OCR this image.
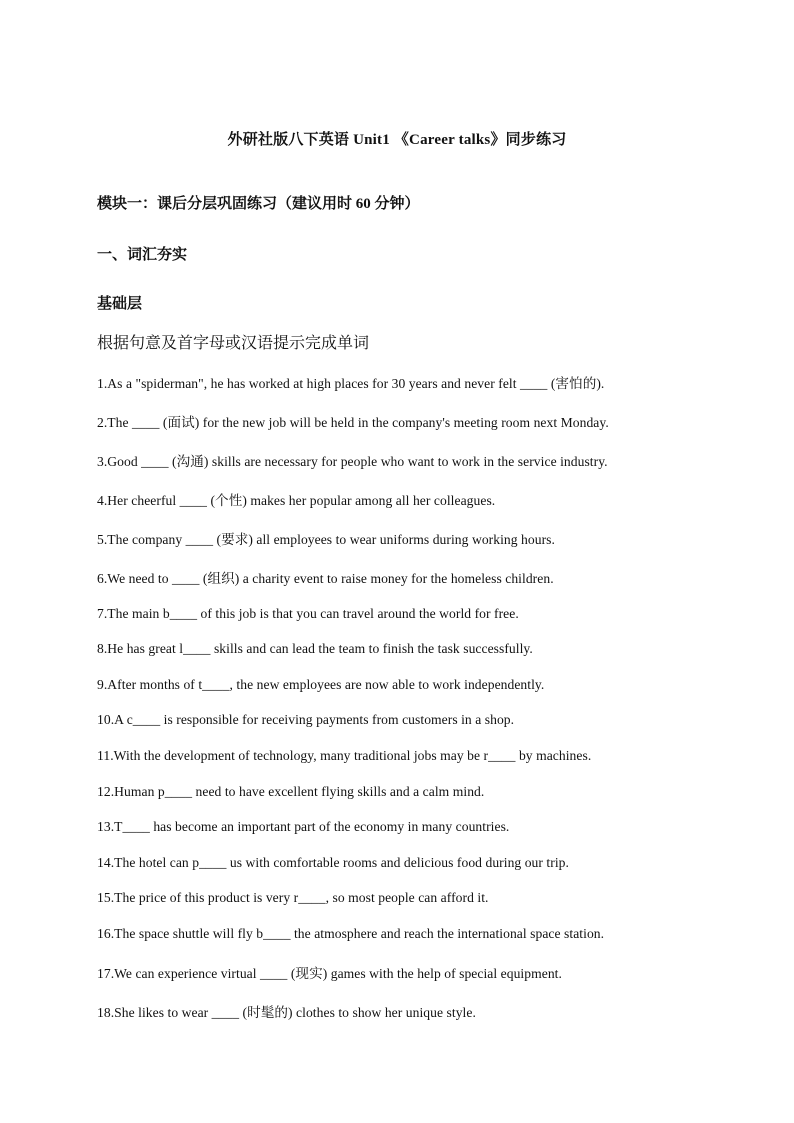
外研社版八下英语 Unit1 《Career talks》同步练习
模块一：课后分层巩固练习（建议用时 60 分钟）
一、词汇夯实
基础层
根据句意及首字母或汉语提示完成单词
1.As a "spiderman", he has worked at high places for 30 years and never felt ____ (害怕的).
2.The ____ (面试) for the new job will be held in the company's meeting room next Monday.
3.Good ____ (沟通) skills are necessary for people who want to work in the service industry.
4.Her cheerful ____ (个性) makes her popular among all her colleagues.
5.The company ____ (要求) all employees to wear uniforms during working hours.
6.We need to ____ (组织) a charity event to raise money for the homeless children.
7.The main b____ of this job is that you can travel around the world for free.
8.He has great l____ skills and can lead the team to finish the task successfully.
9.After months of t____, the new employees are now able to work independently.
10.A c____ is responsible for receiving payments from customers in a shop.
11.With the development of technology, many traditional jobs may be r____ by machines.
12.Human p____ need to have excellent flying skills and a calm mind.
13.T____ has become an important part of the economy in many countries.
14.The hotel can p____ us with comfortable rooms and delicious food during our trip.
15.The price of this product is very r____, so most people can afford it.
16.The space shuttle will fly b____ the atmosphere and reach the international space station.
17.We can experience virtual ____ (现实) games with the help of special equipment.
18.She likes to wear ____ (时髦的) clothes to show her unique style.
